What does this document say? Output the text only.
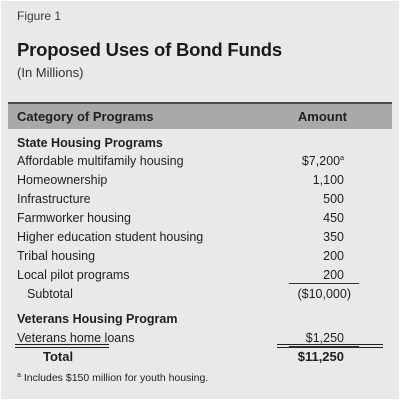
Figure 1
Proposed Uses of Bond Funds
(In Millions)
Category of Programs	Amount
State Housing Programs
Affordable multifamily housing	$7,200$^a$
Homeownership	1,100
Infrastructure	500
Farmworker housing	450
Higher education student housing	350
Tribal housing	200
Local pilot programs	200
Subtotal	($10,000)
Veterans Housing Program
Veterans home loans	$1,250
Total	$11,250
$^a$ Includes $150 million for youth housing.
